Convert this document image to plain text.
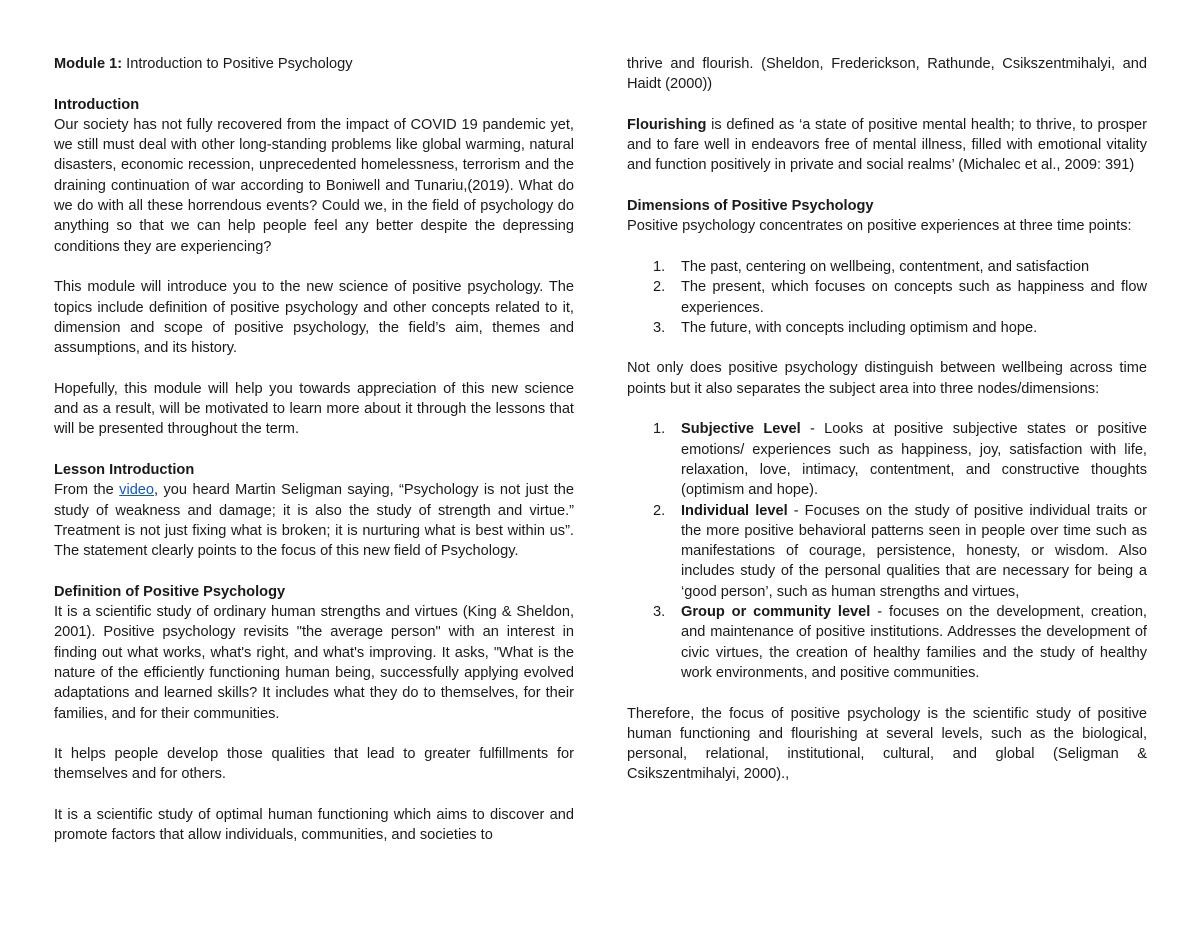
Module 1: Introduction to Positive Psychology

Introduction

Our society has not fully recovered from the impact of COVID 19 pandemic yet, we still must deal with other long-standing problems like global warming, natural disasters, economic recession, unprecedented homelessness, terrorism and the draining continuation of war according to Boniwell and Tunariu,(2019). What do we do with all these horrendous events? Could we, in the field of psychology do anything so that we can help people feel any better despite the depressing conditions they are experiencing?

This module will introduce you to the new science of positive psychology. The topics include definition of positive psychology and other concepts related to it, dimension and scope of positive psychology, the field’s aim, themes and assumptions, and its history.

Hopefully, this module will help you towards appreciation of this new science and as a result, will be motivated to learn more about it through the lessons that will be presented throughout the term.

Lesson Introduction

From the video, you heard Martin Seligman saying, “Psychology is not just the study of weakness and damage; it is also the study of strength and virtue.” Treatment is not just fixing what is broken; it is nurturing what is best within us”. The statement clearly points to the focus of this new field of Psychology.

Definition of Positive Psychology

It is a scientific study of ordinary human strengths and virtues (King & Sheldon, 2001). Positive psychology revisits "the average person" with an interest in finding out what works, what's right, and what's improving. It asks, "What is the nature of the efficiently functioning human being, successfully applying evolved adaptations and learned skills? It includes what they do to themselves, for their families, and for their communities.

It helps people develop those qualities that lead to greater fulfillments for themselves and for others.

It is a scientific study of optimal human functioning which aims to discover and promote factors that allow individuals, communities, and societies to

thrive and flourish. (Sheldon, Frederickson, Rathunde, Csikszentmihalyi, and Haidt (2000))

Flourishing is defined as ‘a state of positive mental health; to thrive, to prosper and to fare well in endeavors free of mental illness, filled with emotional vitality and function positively in private and social realms’ (Michalec et al., 2009: 391)

Dimensions of Positive Psychology

Positive psychology concentrates on positive experiences at three time points:

1. The past, centering on wellbeing, contentment, and satisfaction
2. The present, which focuses on concepts such as happiness and flow experiences.
3. The future, with concepts including optimism and hope.

Not only does positive psychology distinguish between wellbeing across time points but it also separates the subject area into three nodes/dimensions:

1. Subjective Level - Looks at positive subjective states or positive emotions/ experiences such as happiness, joy, satisfaction with life, relaxation, love, intimacy, contentment, and constructive thoughts (optimism and hope).
2. Individual level - Focuses on the study of positive individual traits or the more positive behavioral patterns seen in people over time such as manifestations of courage, persistence, honesty, or wisdom. Also includes study of the personal qualities that are necessary for being a ‘good person’, such as human strengths and virtues,
3. Group or community level - focuses on the development, creation, and maintenance of positive institutions. Addresses the development of civic virtues, the creation of healthy families and the study of healthy work environments, and positive communities.

Therefore, the focus of positive psychology is the scientific study of positive human functioning and flourishing at several levels, such as the biological, personal, relational, institutional, cultural, and global (Seligman & Csikszentmihalyi, 2000).,
